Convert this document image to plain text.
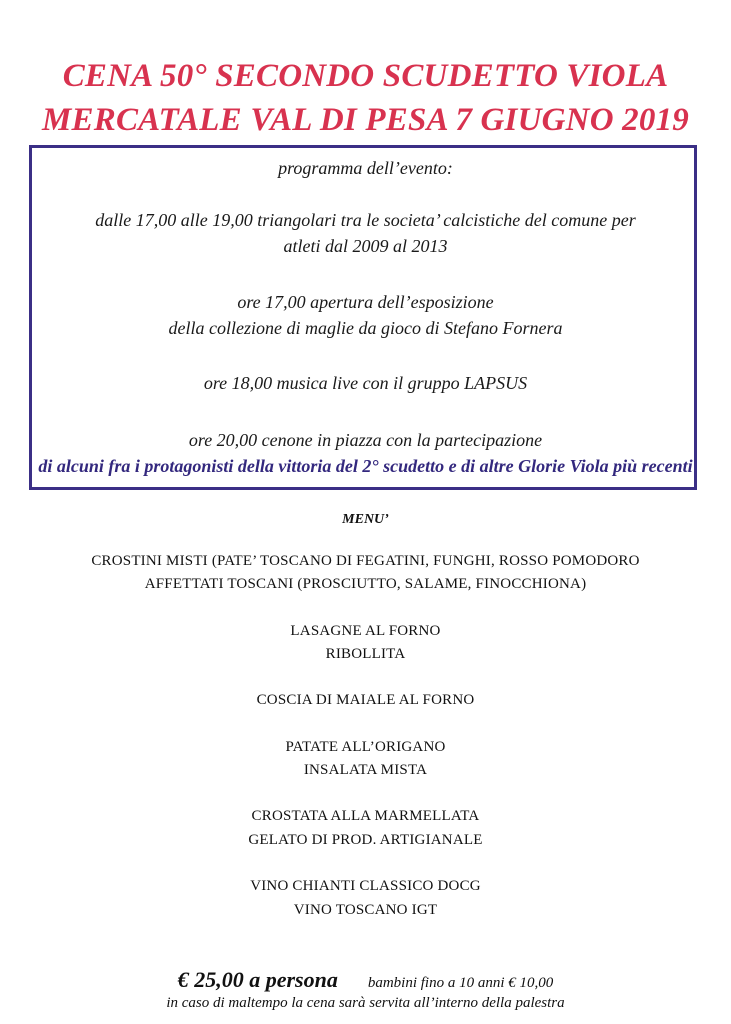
CENA 50° SECONDO SCUDETTO VIOLA
MERCATALE VAL DI PESA 7 GIUGNO 2019
programma dell’evento:
dalle 17,00 alle 19,00 triangolari tra le societa’ calcistiche del comune per
atleti dal 2009 al 2013
ore 17,00 apertura dell’esposizione
della collezione di maglie da gioco di Stefano Fornera
ore 18,00 musica live con il gruppo LAPSUS
ore 20,00 cenone in piazza con la partecipazione
di alcuni fra i protagonisti della vittoria del 2° scudetto e di altre Glorie Viola più recenti
MENU’
CROSTINI MISTI (PATE’ TOSCANO DI FEGATINI, FUNGHI, ROSSO POMODORO
AFFETTATI TOSCANI (PROSCIUTTO, SALAME, FINOCCHIONA)
LASAGNE AL FORNO
RIBOLLITA
COSCIA DI MAIALE AL FORNO
PATATE ALL’ORIGANO
INSALATA MISTA
CROSTATA ALLA MARMELLATA
GELATO DI PROD. ARTIGIANALE
VINO CHIANTI CLASSICO DOCG
VINO TOSCANO IGT
€ 25,00 a persona bambini fino a 10 anni € 10,00
in caso di maltempo la cena sarà servita all’interno della palestra
